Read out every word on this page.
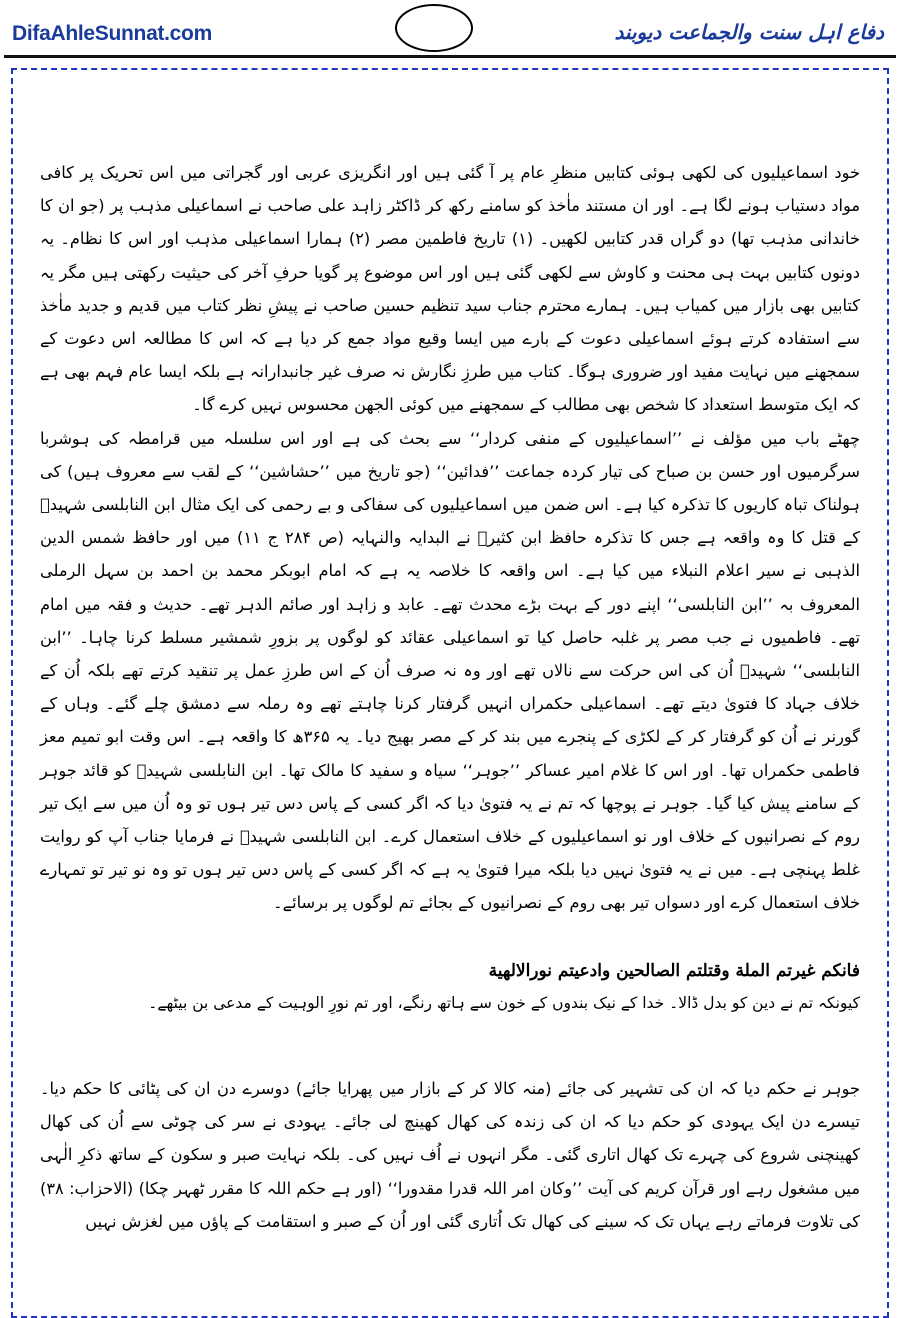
DifaAhleSunnat.com	دفاع اہل سنت والجماعت دیوبند

خود اسماعیلیوں کی لکھی ہوئی کتابیں منظرِ عام پر آ گئی ہیں اور انگریزی عربی اور گجراتی میں اس تحریک پر کافی مواد دستیاب ہونے لگا ہے۔ اور ان مستند ماٰخذ کو سامنے رکھ کر ڈاکٹر زاہد علی صاحب نے اسماعیلی مذہب پر (جو ان کا خاندانی مذہب تھا) دو گراں قدر کتابیں لکھیں۔ (۱) تاریخ فاطمین مصر (۲) ہمارا اسماعیلی مذہب اور اس کا نظام۔ یہ دونوں کتابیں بہت ہی محنت و کاوش سے لکھی گئی ہیں اور اس موضوع پر گویا حرفِ آخر کی حیثیت رکھتی ہیں مگر یہ کتابیں بھی بازار میں کمیاب ہیں۔ ہمارے محترم جناب سید تنظیم حسین صاحب نے پیشِ نظر کتاب میں قدیم و جدید ماٰخذ سے استفادہ کرتے ہوئے اسماعیلی دعوت کے بارے میں ایسا وقیع مواد جمع کر دیا ہے کہ اس کا مطالعہ اس دعوت کے سمجھنے میں نہایت مفید اور ضروری ہوگا۔ کتاب میں طرزِ نگارش نہ صرف غیر جانبدارانہ ہے بلکہ ایسا عام فہم بھی ہے کہ ایک متوسط استعداد کا شخص بھی مطالب کے سمجھنے میں کوئی الجھن محسوس نہیں کرے گا۔

چھٹے باب میں مؤلف نے ’’اسماعیلیوں کے منفی کردار‘‘ سے بحث کی ہے اور اس سلسلہ میں قرامطہ کی ہوشربا سرگرمیوں اور حسن بن صباح کی تیار کردہ جماعت ’’فدائین‘‘ (جو تاریخ میں ’’حشاشین‘‘ کے لقب سے معروف ہیں) کی ہولناک تباہ کاریوں کا تذکرہ کیا ہے۔ اس ضمن میں اسماعیلیوں کی سفاکی و بے رحمی کی ایک مثال ابن النابلسی شہیدؒ کے قتل کا وہ واقعہ ہے جس کا تذکرہ حافظ ابن کثیرؒ نے البدایہ والنہایہ (ص ۲۸۴ ج ۱۱) میں اور حافظ شمس الدین الذہبی نے سیر اعلام النبلاء میں کیا ہے۔ اس واقعہ کا خلاصہ یہ ہے کہ امام ابوبکر محمد بن احمد بن سہل الرملی المعروف بہ ’’ابن النابلسی‘‘ اپنے دور کے بہت بڑے محدث تھے۔ عابد و زاہد اور صائم الدہر تھے۔ حدیث و فقہ میں امام تھے۔ فاطمیوں نے جب مصر پر غلبہ حاصل کیا تو اسماعیلی عقائد کو لوگوں پر بزورِ شمشیر مسلط کرنا چاہا۔ ’’ابن النابلسی‘‘ شہیدؒ اُن کی اس حرکت سے نالاں تھے اور وہ نہ صرف اُن کے اس طرزِ عمل پر تنقید کرتے تھے بلکہ اُن کے خلاف جہاد کا فتویٰ دیتے تھے۔ اسماعیلی حکمراں انہیں گرفتار کرنا چاہتے تھے وہ رملہ سے دمشق چلے گئے۔ وہاں کے گورنر نے اُن کو گرفتار کر کے لکڑی کے پنجرے میں بند کر کے مصر بھیج دیا۔ یہ ۳۶۵ھ کا واقعہ ہے۔ اس وقت ابو تمیم معز فاطمی حکمراں تھا۔ اور اس کا غلام امیر عساکر ’’جوہر‘‘ سیاہ و سفید کا مالک تھا۔ ابن النابلسی شہیدؒ کو قائد جوہر کے سامنے پیش کیا گیا۔ جوہر نے پوچھا کہ تم نے یہ فتویٰ دیا کہ اگر کسی کے پاس دس تیر ہوں تو وہ اُن میں سے ایک تیر روم کے نصرانیوں کے خلاف اور نو اسماعیلیوں کے خلاف استعمال کرے۔ ابن النابلسی شہیدؒ نے فرمایا جناب آپ کو روایت غلط پہنچی ہے۔ میں نے یہ فتویٰ نہیں دیا بلکہ میرا فتویٰ یہ ہے کہ اگر کسی کے پاس دس تیر ہوں تو وہ نو تیر تو تمہارے خلاف استعمال کرے اور دسواں تیر بھی روم کے نصرانیوں کے بجائے تم لوگوں پر برسائے۔

فانكم غيرتم الملة وقتلتم الصالحين وادعيتم نورالالهية
کیونکہ تم نے دین کو بدل ڈالا۔ خدا کے نیک بندوں کے خون سے ہاتھ رنگے، اور تم نورِ الوہیت کے مدعی بن بیٹھے۔

جوہر نے حکم دیا کہ ان کی تشہیر کی جائے (منہ کالا کر کے بازار میں پھرایا جائے) دوسرے دن ان کی پٹائی کا حکم دیا۔ تیسرے دن ایک یہودی کو حکم دیا کہ ان کی زندہ کی کھال کھینچ لی جائے۔ یہودی نے سر کی چوٹی سے اُن کی کھال کھینچنی شروع کی چہرے تک کھال اتاری گئی۔ مگر انہوں نے اُف نہیں کی۔ بلکہ نہایت صبر و سکون کے ساتھ ذکرِ الٰہی میں مشغول رہے اور قرآن کریم کی آیت ’’وکان امر اللہ قدرا مقدورا‘‘ (اور ہے حکم اللہ کا مقرر ٹھہر چکا) (الاحزاب: ۳۸) کی تلاوت فرماتے رہے یہاں تک کہ سینے کی کھال تک اُتاری گئی اور اُن کے صبر و استقامت کے پاؤں میں لغزش نہیں
